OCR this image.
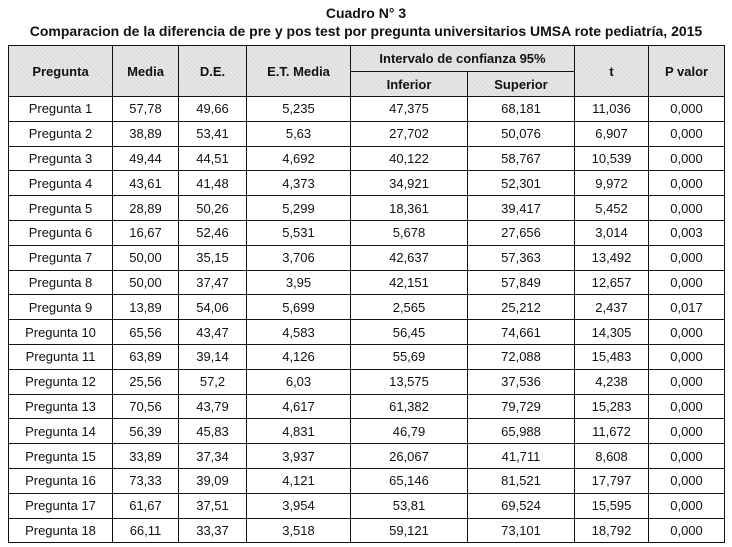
Cuadro N° 3

Comparacion de la diferencia de pre y pos test por pregunta universitarios UMSA rote pediatría, 2015

Pregunta	Media	D.E.	E.T. Media	Intervalo de confianza 95%		t	P valor
				Inferior	Superior		
Pregunta 1	57,78	49,66	5,235	47,375	68,181	11,036	0,000
Pregunta 2	38,89	53,41	5,63	27,702	50,076	6,907	0,000
Pregunta 3	49,44	44,51	4,692	40,122	58,767	10,539	0,000
Pregunta 4	43,61	41,48	4,373	34,921	52,301	9,972	0,000
Pregunta 5	28,89	50,26	5,299	18,361	39,417	5,452	0,000
Pregunta 6	16,67	52,46	5,531	5,678	27,656	3,014	0,003
Pregunta 7	50,00	35,15	3,706	42,637	57,363	13,492	0,000
Pregunta 8	50,00	37,47	3,95	42,151	57,849	12,657	0,000
Pregunta 9	13,89	54,06	5,699	2,565	25,212	2,437	0,017
Pregunta 10	65,56	43,47	4,583	56,45	74,661	14,305	0,000
Pregunta 11	63,89	39,14	4,126	55,69	72,088	15,483	0,000
Pregunta 12	25,56	57,2	6,03	13,575	37,536	4,238	0,000
Pregunta 13	70,56	43,79	4,617	61,382	79,729	15,283	0,000
Pregunta 14	56,39	45,83	4,831	46,79	65,988	11,672	0,000
Pregunta 15	33,89	37,34	3,937	26,067	41,711	8,608	0,000
Pregunta 16	73,33	39,09	4,121	65,146	81,521	17,797	0,000
Pregunta 17	61,67	37,51	3,954	53,81	69,524	15,595	0,000
Pregunta 18	66,11	33,37	3,518	59,121	73,101	18,792	0,000
